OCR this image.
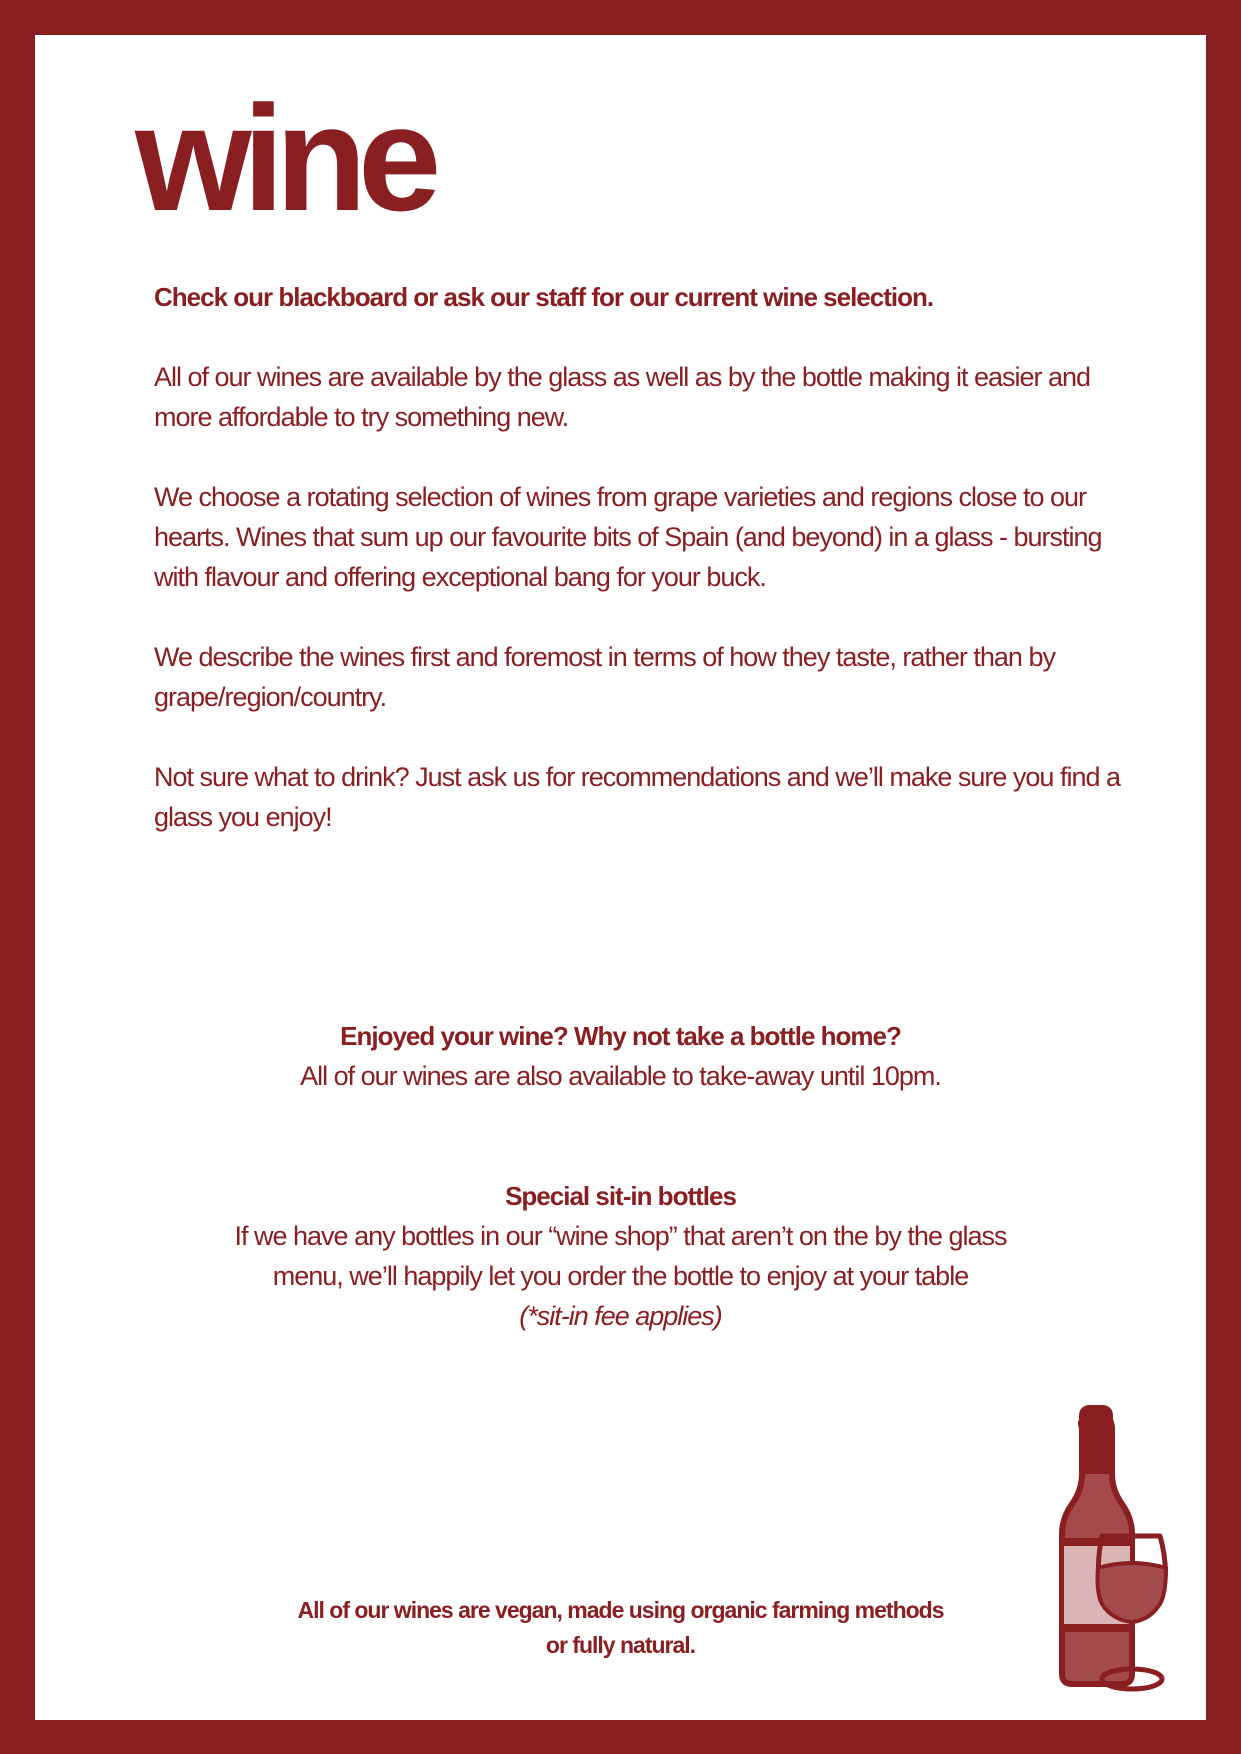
wine

Check our blackboard or ask our staff for our current wine selection.

All of our wines are available by the glass as well as by the bottle making it easier and more affordable to try something new.

We choose a rotating selection of wines from grape varieties and regions close to our hearts. Wines that sum up our favourite bits of Spain (and beyond) in a glass - bursting with flavour and offering exceptional bang for your buck.

We describe the wines first and foremost in terms of how they taste, rather than by grape/region/country.

Not sure what to drink? Just ask us for recommendations and we’ll make sure you find a glass you enjoy!

Enjoyed your wine? Why not take a bottle home?

All of our wines are also available to take-away until 10pm.

Special sit-in bottles

If we have any bottles in our “wine shop” that aren’t on the by the glass

menu, we’ll happily let you order the bottle to enjoy at your table

(*sit-in fee applies)

All of our wines are vegan, made using organic farming methods

or fully natural.
